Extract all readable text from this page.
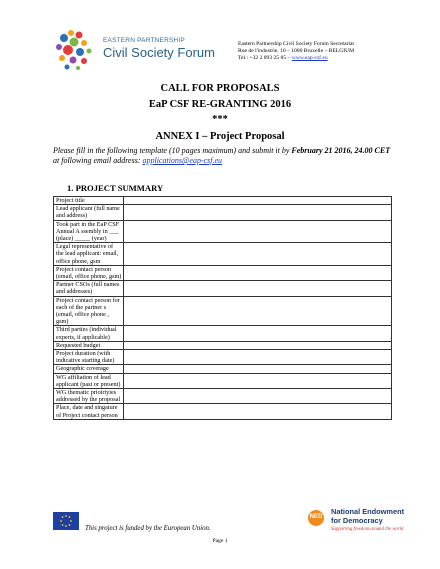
EASTERN PARTNERSHIP
Civil Society Forum
Eastern Partnership Civil Society Forum Secretariat
Rue de l'industrie, 10 – 1000 Bruxelle – BELGIUM
Tel.: +32 2 893 25 85 – www.eap-csf.eu
CALL FOR PROPOSALS
EaP CSF RE-GRANTING 2016
***
ANNEX I – Project Proposal
Please fill in the following template (10 pages maximum) and submit it by February 21 2016, 24.00 CET at following email address: applications@eap-csf.eu
1. PROJECT SUMMARY
Project title	
Lead applicant (full name and address)	
Took part in the EaP CSF Annual A ssembly in ___ (place) _____ (year)	
Legal representative of the lead applicant: email, office phone, gsm	
Project contact person (email, office phone, gsm)	
Partner CSOs (full names and addresses)	
Project contact person for each of the partner s (email, office phone , gsm)	
Third parties (individual experts, if applicable)	
Requested budget	
Project duration (with indicative starting date)	
Geographic coverage	
WG affiliation of lead applicant (past or present)	
WG thematic prioirtyies addressed by the proposal	
Place, date and singature of Project contact person	
This project is funded by the European Union.
Page 1
NED
National Endowment for Democracy
Supporting freedom around the world
